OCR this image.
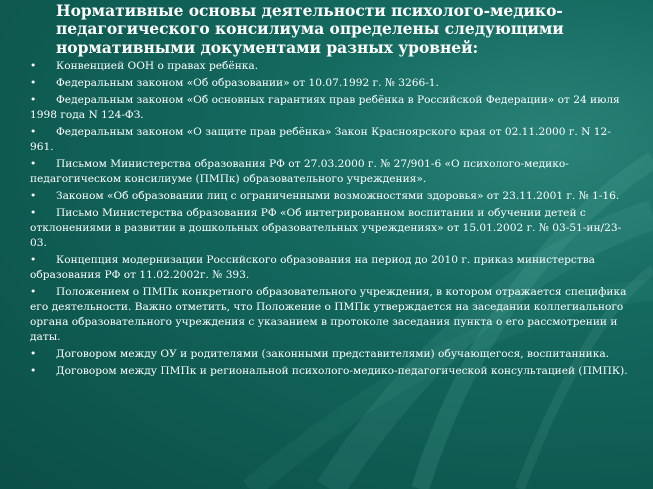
Нормативные основы деятельности психолого-медико-педагогического консилиума определены следующими нормативными документами разных уровней:
•	Конвенцией ООН о правах ребёнка.
•	Федеральным законом «Об образовании» от 10.07.1992 г. № 3266-1.
•	Федеральным законом «Об основных гарантиях прав ребёнка в Российской Федерации» от 24 июля 1998 года N 124-ФЗ.
•	Федеральным законом «О защите прав ребёнка» Закон Красноярского края от 02.11.2000 г. N 12-961.
•	Письмом Министерства образования РФ от 27.03.2000 г. № 27/901-6 «О психолого-медико-педагогическом консилиуме (ПМПк) образовательного учреждения».
•	Законом «Об образовании лиц с ограниченными возможностями здоровья» от 23.11.2001 г. № 1-16.
•	Письмо Министерства образования РФ «Об интегрированном воспитании и обучении детей с отклонениями в развитии в дошкольных образовательных учреждениях» от 15.01.2002 г. № 03-51-ин/23-03.
•	Концепция модернизации Российского образования на период до 2010 г. приказ министерства образования РФ от 11.02.2002г. № 393.
•	Положением о ПМПк конкретного образовательного учреждения, в котором отражается специфика его деятельности. Важно отметить, что Положение о ПМПк утверждается на заседании коллегиального органа образовательного учреждения с указанием в протоколе заседания пункта о его рассмотрении и даты.
•	Договором между ОУ и родителями (законными представителями) обучающегося, воспитанника.
•	Договором между ПМПк и региональной психолого-медико-педагогической консультацией (ПМПК).
